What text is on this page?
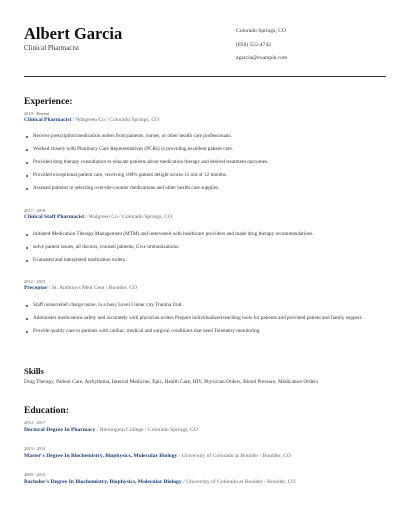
Albert Garcia
Clinical Pharmacist
Colorado Springs, CO
(850) 555-4742
agarcia@example.com
Experience:
2019 - Present
Clinical Pharmacist / Walgreen Co / Colorado Springs, CO
Receive prescription/medication orders from patients, nurses, or other health care professionals.
Worked closely with Pharmacy Care Representatives (PCRs) in providing excellent patient care.
Provided drug therapy consultation to educate patients about medication therapy and desired treatment outcomes.
Provided exceptional patient care, receiving 100% patient delight scores 11 out of 12 months.
Assisted patients in selecting over-the-counter medications and other health care supplies.
2017 - 2019
Clinical Staff Pharmacist / Walgreen Co / Colorado Springs, CO
Initiated Medication Therapy Management (MTM) and intervened with healthcare providers and made drug therapy recommendations.
solve patient issues, all doctors, counsel patients, Give immunizations.
Evaluated and interpreted medication orders.
2012 - 2013
Preceptor / St. Anthonys Med Cent / Boulder, CO
Staff nurse/relief charge nurse, in a busy Level I inner city Trauma Unit.
Administer medications safely and accurately with physician orders Prepare individualized teaching tools for patients and provided patient and family support.
Provide quality care to patients with cardiac, medical and surgical conditions that need Telemetry monitoring.
Skills
Drug Therapy, Patient Care, Arrhythmia, Internal Medicine, Epic, Health Care, HIV, Physician Orders, Blood Pressure, Medication Orders
Education:
2014 - 2017
Doctoral Degree In Pharmacy / Remington College / Colorado Springs, CO
2013 - 2014
Master's Degree In Biochemistry, Biophysics, Molecular Biology / University of Colorado at Boulder / Boulder, CO
2009 - 2012
Bachelor's Degree In Biochemistry, Biophysics, Molecular Biology / University of Colorado at Boulder / Boulder, CO
